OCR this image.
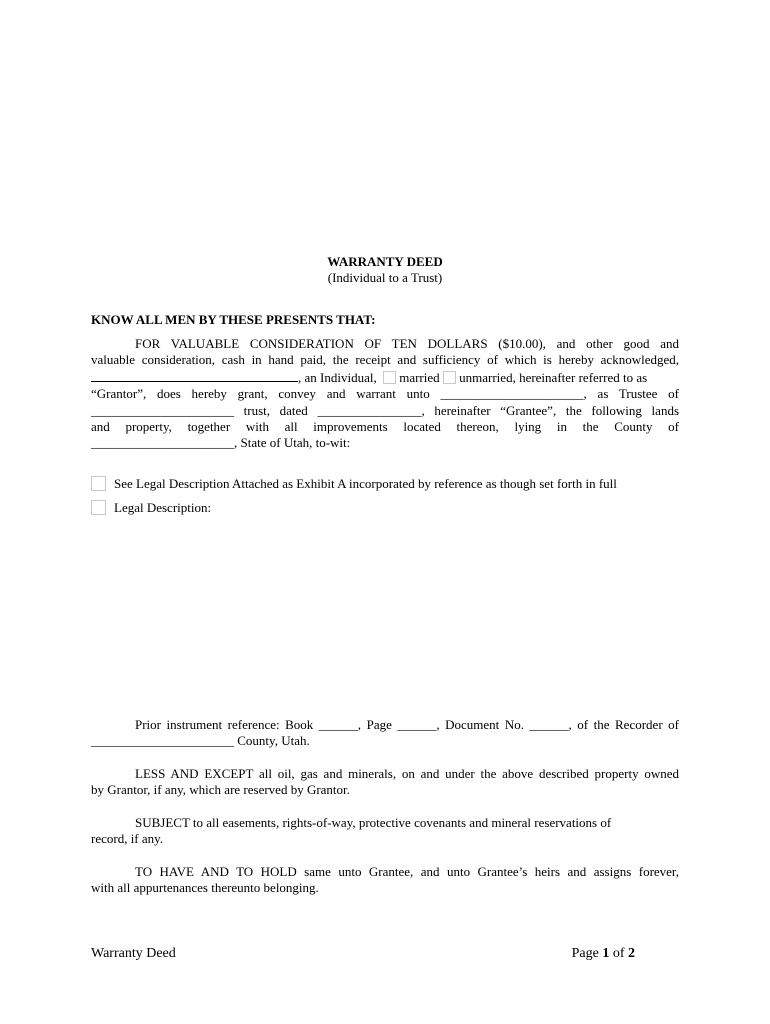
WARRANTY DEED
(Individual to a Trust)
KNOW ALL MEN BY THESE PRESENTS THAT:
FOR VALUABLE CONSIDERATION OF TEN DOLLARS ($10.00), and other good and
valuable consideration, cash in hand paid, the receipt and sufficiency of which is hereby acknowledged,
, an Individual, married unmarried, hereinafter referred to as
“Grantor”, does hereby grant, convey and warrant unto ______________________, as Trustee of
______________________ trust, dated ________________, hereinafter “Grantee”, the following lands
and property, together with all improvements located thereon, lying in the County of
______________________, State of Utah, to-wit:
See Legal Description Attached as Exhibit A incorporated by reference as though set forth in full
Legal Description:
Prior instrument reference: Book ______, Page ______, Document No. ______, of the Recorder of
______________________ County, Utah.
LESS AND EXCEPT all oil, gas and minerals, on and under the above described property owned
by Grantor, if any, which are reserved by Grantor.
SUBJECT to all easements, rights-of-way, protective covenants and mineral reservations of
record, if any.
TO HAVE AND TO HOLD same unto Grantee, and unto Grantee’s heirs and assigns forever,
with all appurtenances thereunto belonging.
Warranty Deed	Page 1 of 2
